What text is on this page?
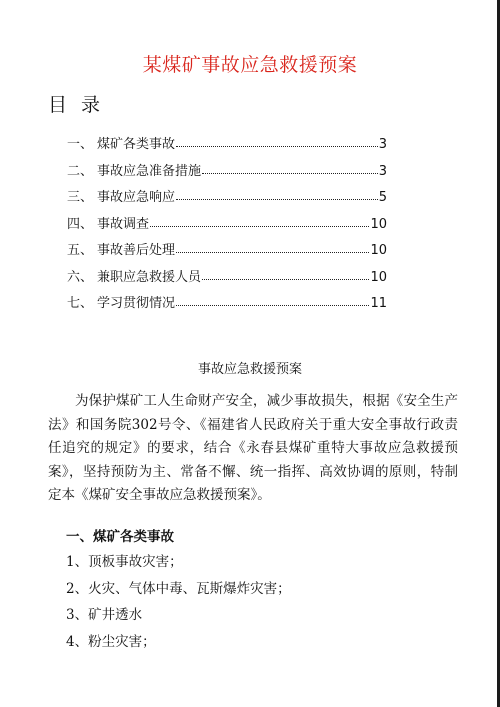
某煤矿事故应急救援预案
目录
一、 煤矿各类事故	3
二、 事故应急准备措施	3
三、 事故应急响应	5
四、 事故调查	10
五、 事故善后处理	10
六、 兼职应急救援人员	10
七、 学习贯彻情况	11
事故应急救援预案

为保护煤矿工人生命财产安全，减少事故损失，根据《安全生产法》和国务院302号令、《福建省人民政府关于重大安全事故行政责任追究的规定》的要求，结合《永春县煤矿重特大事故应急救援预案》，坚持预防为主、常备不懈、统一指挥、高效协调的原则，特制定本《煤矿安全事故应急救援预案》。

一、煤矿各类事故
1、顶板事故灾害；
2、火灾、气体中毒、瓦斯爆炸灾害；
3、矿井透水
4、粉尘灾害；
